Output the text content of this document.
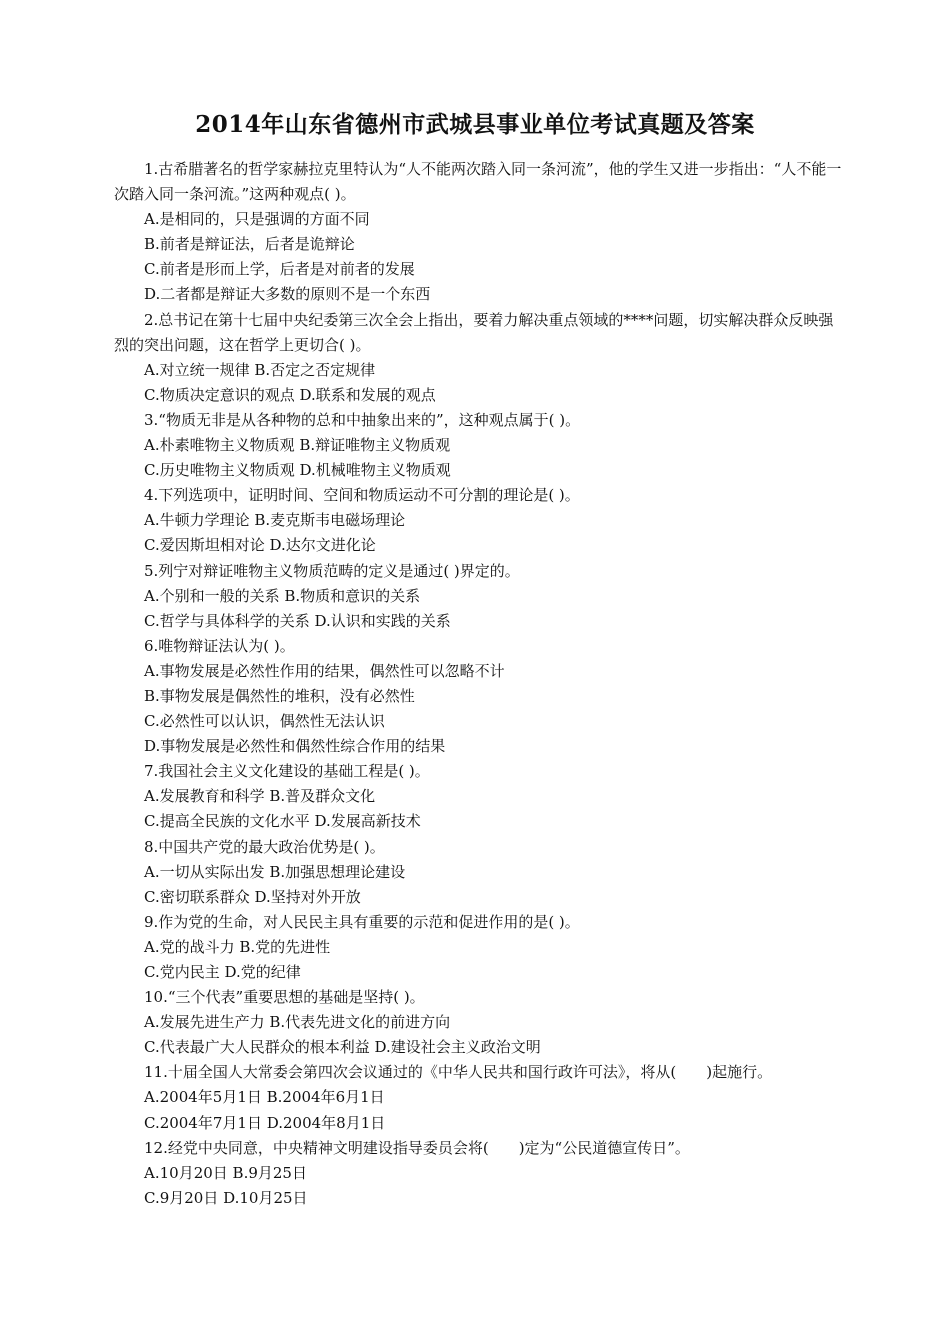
2014年山东省德州市武城县事业单位考试真题及答案
1.古希腊著名的哲学家赫拉克里特认为“人不能两次踏入同一条河流”，他的学生又进一步指出：“人不能一次踏入同一条河流。”这两种观点( )。
A.是相同的，只是强调的方面不同
B.前者是辩证法，后者是诡辩论
C.前者是形而上学，后者是对前者的发展
D.二者都是辩证大多数的原则不是一个东西
2.总书记在第十七届中央纪委第三次全会上指出，要着力解决重点领域的****问题，切实解决群众反映强烈的突出问题，这在哲学上更切合( )。
A.对立统一规律 B.否定之否定规律
C.物质决定意识的观点 D.联系和发展的观点
3.“物质无非是从各种物的总和中抽象出来的”，这种观点属于( )。
A.朴素唯物主义物质观 B.辩证唯物主义物质观
C.历史唯物主义物质观 D.机械唯物主义物质观
4.下列选项中，证明时间、空间和物质运动不可分割的理论是( )。
A.牛顿力学理论 B.麦克斯韦电磁场理论
C.爱因斯坦相对论 D.达尔文进化论
5.列宁对辩证唯物主义物质范畴的定义是通过( )界定的。
A.个别和一般的关系 B.物质和意识的关系
C.哲学与具体科学的关系 D.认识和实践的关系
6.唯物辩证法认为( )。
A.事物发展是必然性作用的结果，偶然性可以忽略不计
B.事物发展是偶然性的堆积，没有必然性
C.必然性可以认识，偶然性无法认识
D.事物发展是必然性和偶然性综合作用的结果
7.我国社会主义文化建设的基础工程是( )。
A.发展教育和科学 B.普及群众文化
C.提高全民族的文化水平 D.发展高新技术
8.中国共产党的最大政治优势是( )。
A.一切从实际出发 B.加强思想理论建设
C.密切联系群众 D.坚持对外开放
9.作为党的生命，对人民民主具有重要的示范和促进作用的是( )。
A.党的战斗力 B.党的先进性
C.党内民主 D.党的纪律
10.“三个代表”重要思想的基础是坚持( )。
A.发展先进生产力 B.代表先进文化的前进方向
C.代表最广大人民群众的根本利益 D.建设社会主义政治文明
11.十届全国人大常委会第四次会议通过的《中华人民共和国行政许可法》，将从(　　)起施行。
A.2004年5月1日 B.2004年6月1日
C.2004年7月1日 D.2004年8月1日
12.经党中央同意，中央精神文明建设指导委员会将(　　)定为“公民道德宣传日”。
A.10月20日 B.9月25日
C.9月20日 D.10月25日
